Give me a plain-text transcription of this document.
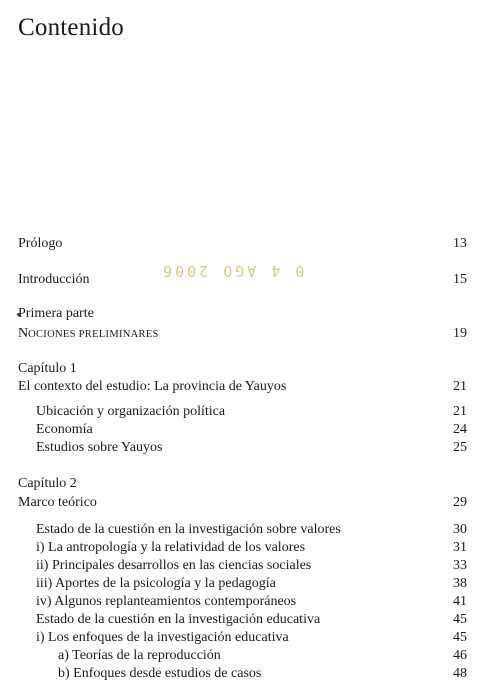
Contenido
0 4 AGO 2006
Prólogo	13
Introducción	15
Primera parte
NOCIONES PRELIMINARES	19
Capítulo 1
El contexto del estudio: La provincia de Yauyos	21
Ubicación y organización política	21
Economía	24
Estudios sobre Yauyos	25
Capítulo 2
Marco teórico	29
Estado de la cuestión en la investigación sobre valores	30
i) La antropología y la relatividad de los valores	31
ii) Principales desarrollos en las ciencias sociales	33
iii) Aportes de la psicología y la pedagogía	38
iv) Algunos replanteamientos contemporáneos	41
Estado de la cuestión en la investigación educativa	45
i) Los enfoques de la investigación educativa	45
a) Teorías de la reproducción	46
b) Enfoques desde estudios de casos	48
